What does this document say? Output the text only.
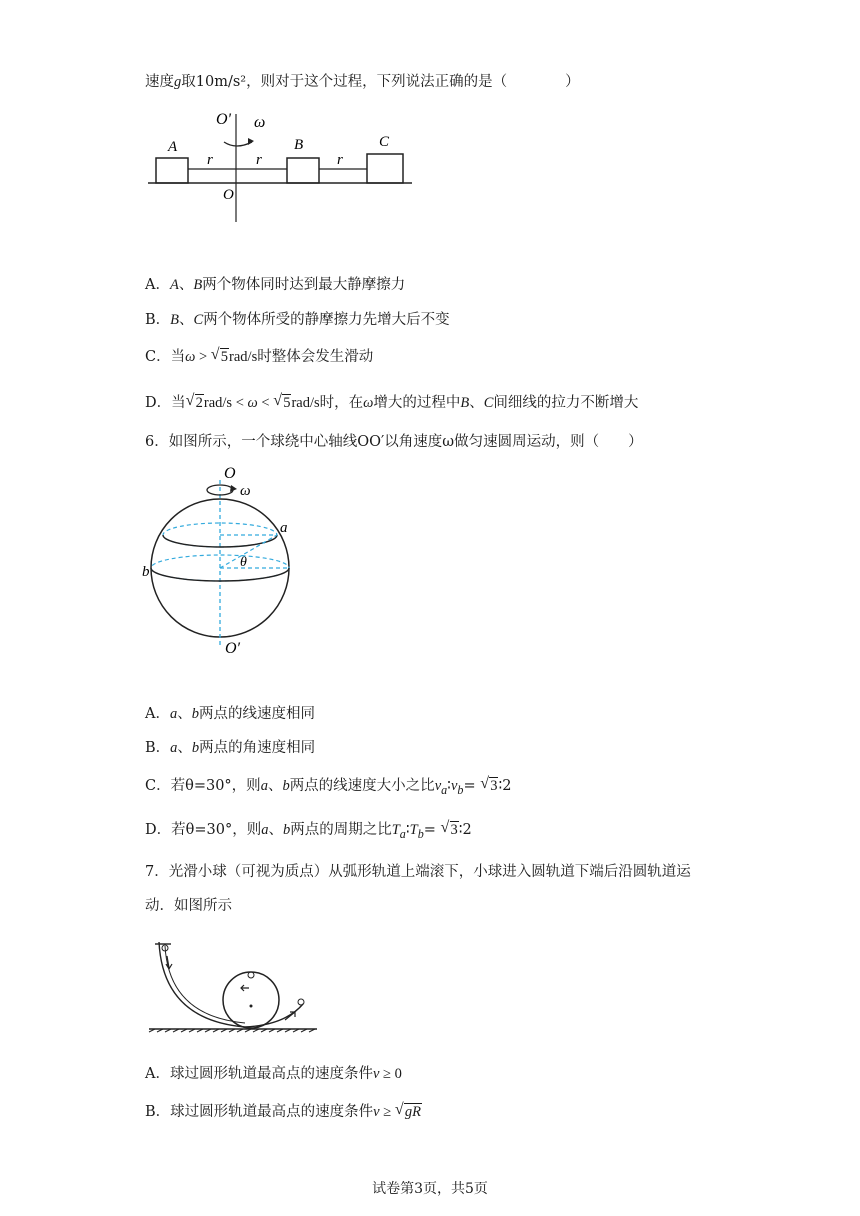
速度g取10m/s²，则对于这个过程，下列说法正确的是（　　　　）
O' ω
A	B	C
r	r	r
O
A．A、B两个物体同时达到最大静摩擦力
B．B、C两个物体所受的静摩擦力先增大后不变
C．当ω > √ 5rad/s时整体会发生滑动
D．当√ 2rad/s < ω < √ 5rad/s时，在ω增大的过程中B、C间细线的拉力不断增大
6．如图所示，一个球绕中心轴线OO′以角速度ω做匀速圆周运动，则（　　）
O
ω
a
b
θ
O′
A．a、b两点的线速度相同
B．a、b两点的角速度相同
C．若θ=30°，则a、b两点的线速度大小之比$v_a∶v_b=$ √ 3∶2
D．若θ=30°，则a、b两点的周期之比$T_a∶T_b=$ √ 3∶2
7．光滑小球（可视为质点）从弧形轨道上端滚下，小球进入圆轨道下端后沿圆轨道运
动．如图所示
A．球过圆形轨道最高点的速度条件v ≥ 0
B．球过圆形轨道最高点的速度条件v ≥ √ gR
试卷第3页，共5页
